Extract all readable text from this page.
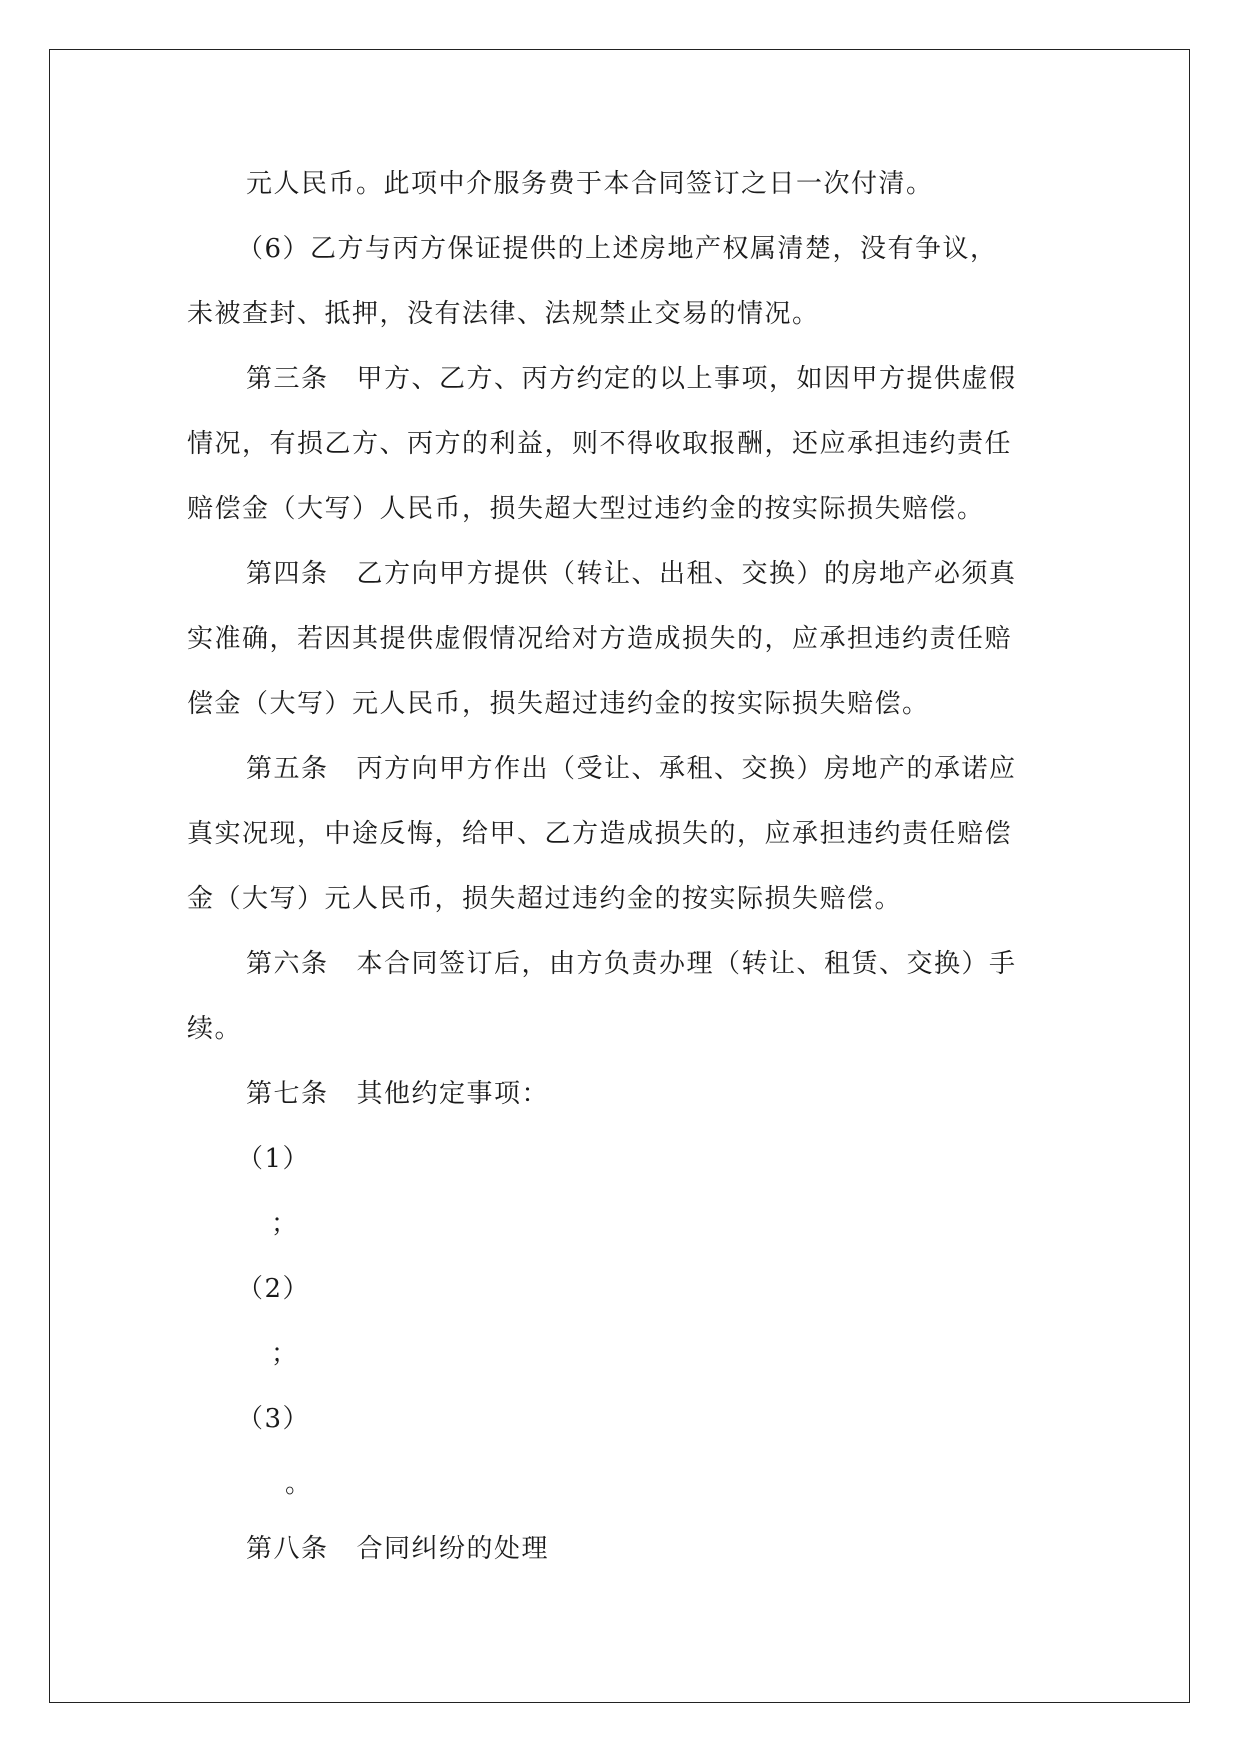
元人民币。此项中介服务费于本合同签订之日一次付清。
（6）乙方与丙方保证提供的上述房地产权属清楚，没有争议，
未被查封、抵押，没有法律、法规禁止交易的情况。
第三条 甲方、乙方、丙方约定的以上事项，如因甲方提供虚假
情况，有损乙方、丙方的利益，则不得收取报酬，还应承担违约责任
赔偿金（大写）人民币，损失超大型过违约金的按实际损失赔偿。
第四条 乙方向甲方提供（转让、出租、交换）的房地产必须真
实准确，若因其提供虚假情况给对方造成损失的，应承担违约责任赔
偿金（大写）元人民币，损失超过违约金的按实际损失赔偿。
第五条 丙方向甲方作出（受让、承租、交换）房地产的承诺应
真实况现，中途反悔，给甲、乙方造成损失的，应承担违约责任赔偿
金（大写）元人民币，损失超过违约金的按实际损失赔偿。
第六条 本合同签订后，由方负责办理（转让、租赁、交换）手
续。
第七条 其他约定事项：
（1）
；
（2）
；
（3）
。
第八条 合同纠纷的处理
